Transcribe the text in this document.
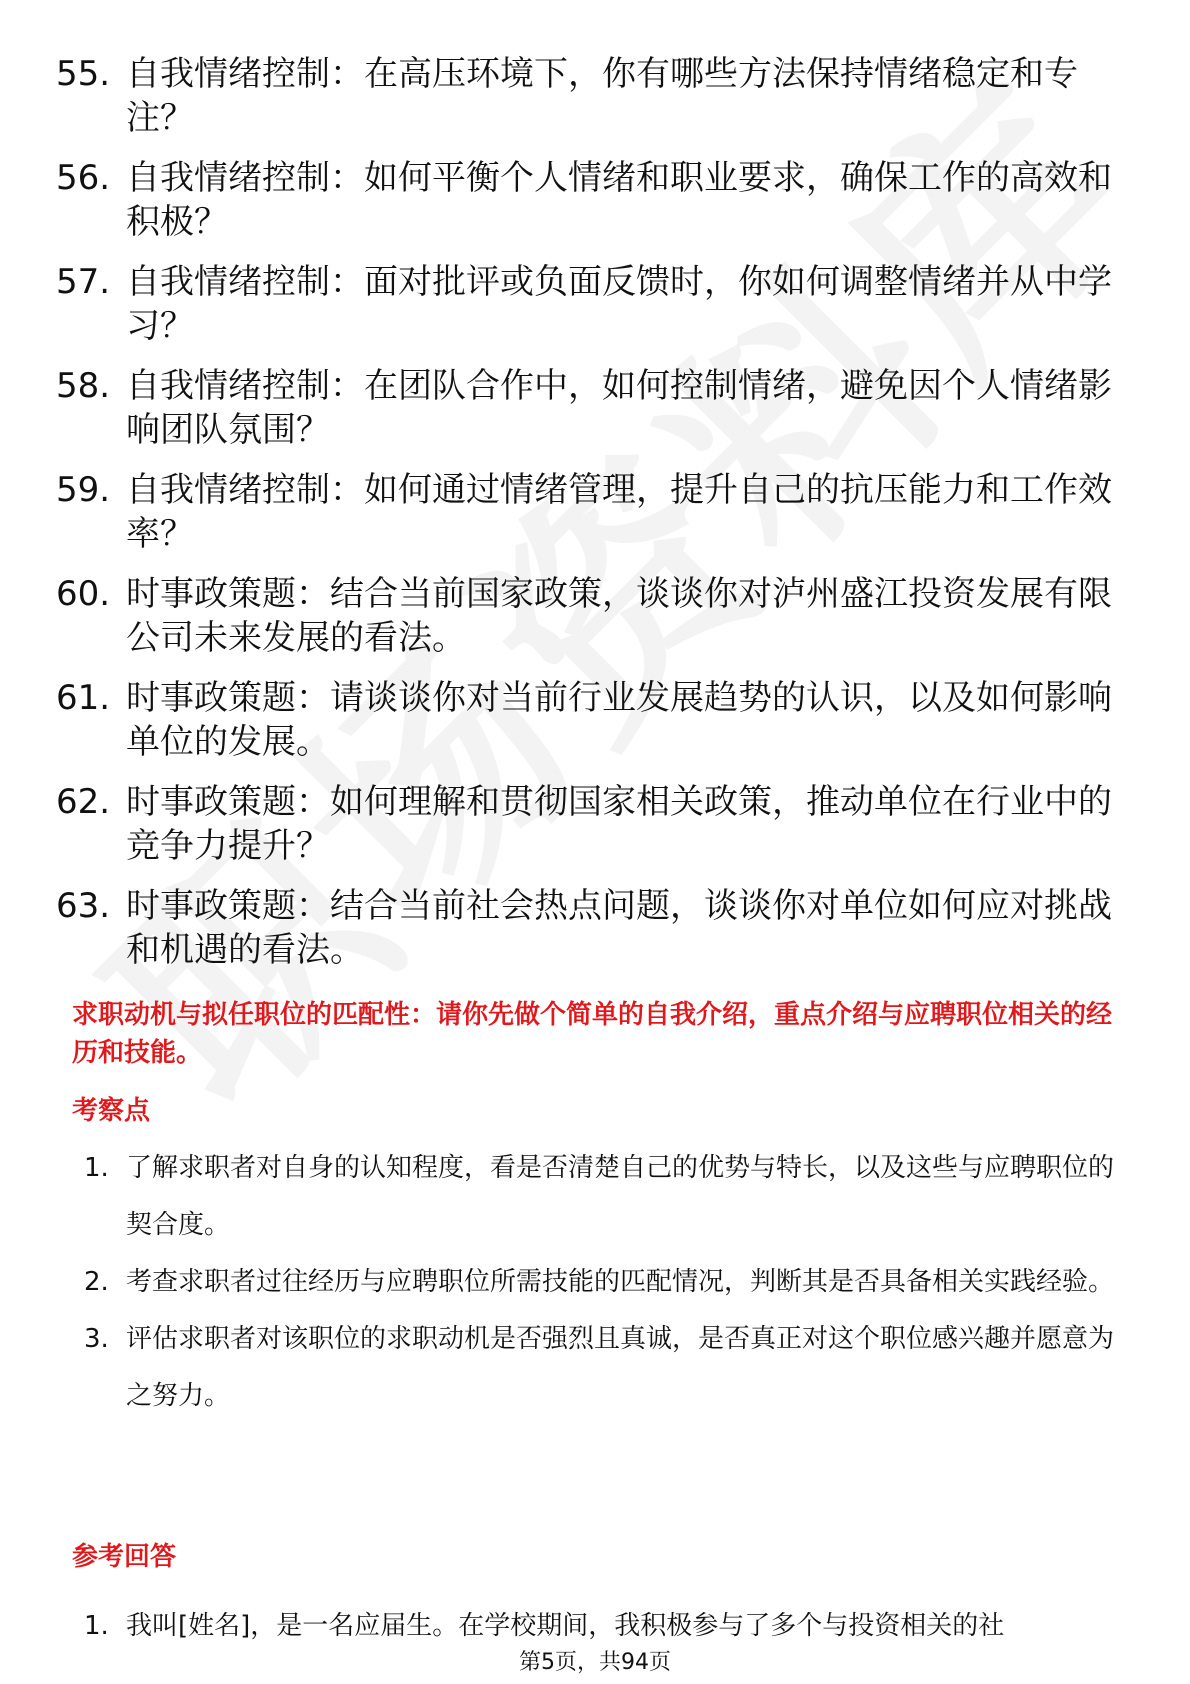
55. 自我情绪控制：在高压环境下，你有哪些方法保持情绪稳定和专注？
56. 自我情绪控制：如何平衡个人情绪和职业要求，确保工作的高效和积极？
57. 自我情绪控制：面对批评或负面反馈时，你如何调整情绪并从中学习？
58. 自我情绪控制：在团队合作中，如何控制情绪，避免因个人情绪影响团队氛围？
59. 自我情绪控制：如何通过情绪管理，提升自己的抗压能力和工作效率？
60. 时事政策题：结合当前国家政策，谈谈你对泸州盛江投资发展有限公司未来发展的看法。
61. 时事政策题：请谈谈你对当前行业发展趋势的认识，以及如何影响单位的发展。
62. 时事政策题：如何理解和贯彻国家相关政策，推动单位在行业中的竞争力提升？
63. 时事政策题：结合当前社会热点问题，谈谈你对单位如何应对挑战和机遇的看法。
求职动机与拟任职位的匹配性：请你先做个简单的自我介绍，重点介绍与应聘职位相关的经历和技能。
考察点
1. 了解求职者对自身的认知程度，看是否清楚自己的优势与特长，以及这些与应聘职位的契合度。
2. 考查求职者过往经历与应聘职位所需技能的匹配情况，判断其是否具备相关实践经验。
3. 评估求职者对该职位的求职动机是否强烈且真诚，是否真正对这个职位感兴趣并愿意为之努力。
参考回答
1. 我叫[姓名]，是一名应届生。在学校期间，我积极参与了多个与投资相关的社
第5页，共94页
